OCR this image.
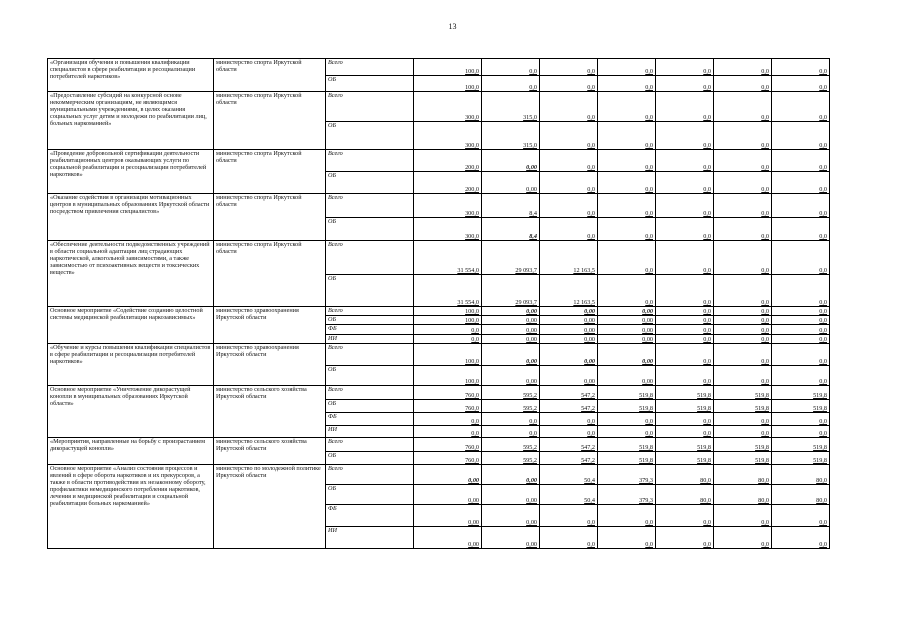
13
«Организация обучения и повышения квалификации специалистов в сфере реабилитации и ресоциализации потребителей наркотиков»	министерство спорта Иркутской области	Всего	100,0	0,0	0,0	0,0	0,0	0,0	0,0
		ОБ	100,0	0,0	0,0	0,0	0,0	0,0	0,0
«Предоставление субсидий на конкурсной основе некоммерческим организациям, не являющимся муниципальными учреждениями, в целях оказания социальных услуг детям и молодежи по реабилитации лиц, больных наркоманией»	министерство спорта Иркутской области	Всего	300,0	315,0	0,0	0,0	0,0	0,0	0,0
		ОБ	300,0	315,0	0,0	0,0	0,0	0,0	0,0
«Проведение добровольной сертификации деятельности реабилитационных центров оказывающих услуги по социальной реабилитации и ресоциализации потребителей наркотиков»	министерство спорта Иркутской области	Всего	200,0	0,00	0,0	0,0	0,0	0,0	0,0
		ОБ	200,0	0,00	0,0	0,0	0,0	0,0	0,0
«Оказание содействия в организации мотивационных центров в муниципальных образованиях Иркутской области посредством привлечения специалистов»	министерство спорта Иркутской области	Всего	300,0	8,4	0,0	0,0	0,0	0,0	0,0
		ОБ	300,0	8,4	0,0	0,0	0,0	0,0	0,0
«Обеспечение деятельности подведомственных учреждений в области социальной адаптации лиц страдающих наркотической, алкогольной зависимостями, а также зависимостью от психоактивных веществ и токсических веществ»	министерство спорта Иркутской области	Всего	31 554,0	29 093,7	12 163,5	0,0	0,0	0,0	0,0
		ОБ	31 554,0	29 093,7	12 163,5	0,0	0,0	0,0	0,0
Основное мероприятие «Содействие созданию целостной системы медицинской реабилитации наркозависимых»	министерство здравоохранения Иркутской области	Всего	100,0	0,00	0,00	0,00	0,0	0,0	0,0
		ОБ	100,0	0,00	0,00	0,00	0,0	0,0	0,0
		ФБ	0,0	0,00	0,00	0,00	0,0	0,0	0,0
		ИИ	0,0	0,00	0,00	0,00	0,0	0,0	0,0
«Обучение и курсы повышения квалификации специалистов в сфере реабилитации и ресоциализации потребителей наркотиков»	министерство здравоохранения Иркутской области	Всего	100,0	0,00	0,00	0,00	0,0	0,0	0,0
		ОБ	100,0	0,00	0,00	0,00	0,0	0,0	0,0
Основное мероприятие «Уничтожение дикорастущей конопли в муниципальных образованиях Иркутской области»	министерство сельского хозяйства Иркутской области	Всего	760,0	595,2	547,2	519,8	519,8	519,8	519,8
		ОБ	760,0	595,2	547,2	519,8	519,8	519,8	519,8
		ФБ	0,0	0,0	0,0	0,0	0,0	0,0	0,0
		ИИ	0,0	0,0	0,0	0,0	0,0	0,0	0,0
«Мероприятия, направленные на борьбу с произрастанием дикорастущей конопли»	министерство сельского хозяйства Иркутской области	Всего	760,0	595,2	547,2	519,8	519,8	519,8	519,8
		ОБ	760,0	595,2	547,2	519,8	519,8	519,8	519,8
Основное мероприятие «Анализ состояния процессов и явлений в сфере оборота наркотиков и их прекурсоров, а также в области противодействия их незаконному обороту, профилактики немедицинского потребления наркотиков, лечения и медицинской реабилитации и социальной реабилитации больных наркоманией»	министерство по молодежной политике Иркутской области	Всего	0,00	0,00	50,4	379,3	80,0	80,0	80,0
		ОБ	0,00	0,00	50,4	379,3	80,0	80,0	80,0
		ФБ	0,00	0,00	0,0	0,0	0,0	0,0	0,0
		ИИ	0,00	0,00	0,0	0,0	0,0	0,0	0,0
